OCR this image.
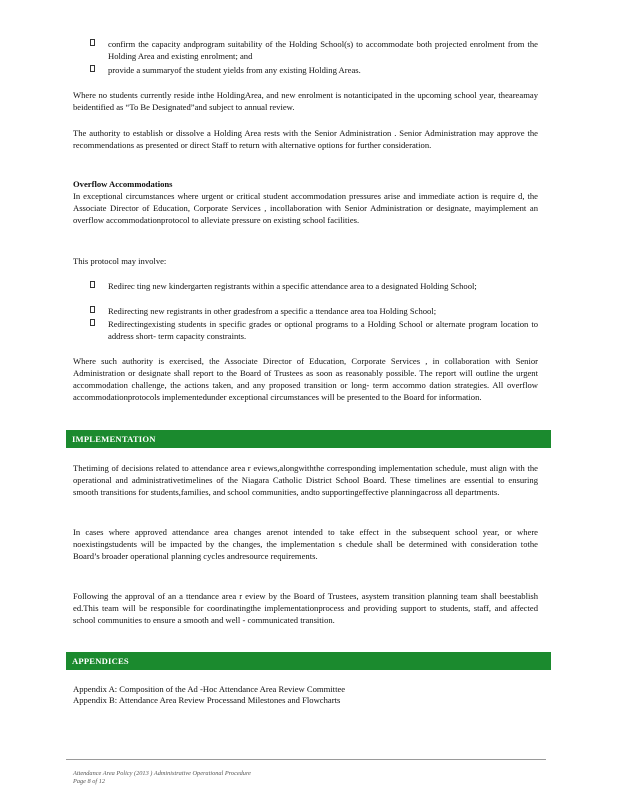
confirm the capacity andprogram suitability of the Holding School(s) to accommodate both projected enrolment from the Holding Area and existing enrolment; and
provide a summaryof the student yields from any existing Holding Areas.
Where no students currently reside inthe HoldingArea, and new enrolment is notanticipated in the upcoming school year, theareamay beidentified as “To Be Designated”and subject to annual review.
The authority to establish or dissolve a Holding Area rests with the Senior Administration . Senior Administration may approve the recommendations as presented or direct Staff to return with alternative options for further consideration.
Overflow Accommodations
In exceptional circumstances where urgent or critical student accommodation pressures arise and immediate action is require d, the Associate Director of Education, Corporate Services , incollaboration with Senior Administration or designate, mayimplement an overflow accommodationprotocol to alleviate pressure on existing school facilities.
This protocol may involve:
Redirec ting new kindergarten registrants within a specific attendance area to a designated Holding School;
Redirecting new registrants in other gradesfrom a specific a ttendance area toa Holding School;
Redirectingexisting students in specific grades or optional programs to a Holding School or alternate program location to address short- term capacity constraints.
Where such authority is exercised, the Associate Director of Education, Corporate Services , in collaboration with Senior Administration or designate shall report to the Board of Trustees as soon as reasonably possible. The report will outline the urgent accommodation challenge, the actions taken, and any proposed transition or long- term accommo dation strategies. All overflow accommodationprotocols implementedunder exceptional circumstances will be presented to the Board for information.
IMPLEMENTATION
Thetiming of decisions related to attendance area r eviews,alongwiththe corresponding implementation schedule, must align with the operational and administrativetimelines of the Niagara Catholic District School Board. These timelines are essential to ensuring smooth transitions for students,families, and school communities, andto supportingeffective planningacross all departments.
In cases where approved attendance area changes arenot intended to take effect in the subsequent school year, or where noexistingstudents will be impacted by the changes, the implementation s chedule shall be determined with consideration tothe Board’s broader operational planning cycles andresource requirements.
Following the approval of an a ttendance area r eview by the Board of Trustees, asystem transition planning team shall beestablish ed.This team will be responsible for coordinatingthe implementationprocess and providing support to students, staff, and affected school communities to ensure a smooth and well - communicated transition.
APPENDICES
Appendix A: Composition of the Ad -Hoc Attendance Area Review Committee
Appendix B: Attendance Area Review Processand Milestones and Flowcharts
Attendance Area Policy (2013 ) Administrative Operational Procedure
Page 8 of 12
